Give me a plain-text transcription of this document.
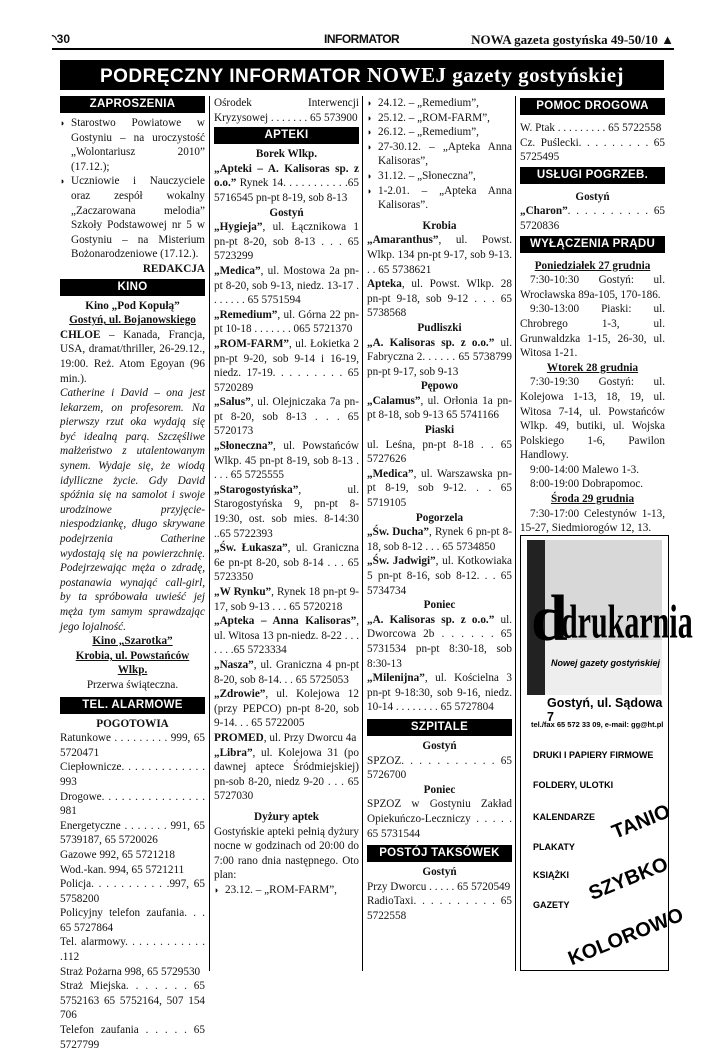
◝30	INFORMATOR	NOWA gazeta gostyńska 49-50/10 ▲
PODRĘCZNY INFORMATOR NOWEJ gazety gostyńskiej
ZAPROSZENIA

◗ Starostwo Powiatowe w Gostyniu – na uroczystość „Wolontariusz 2010” (17.12.);

◗ Uczniowie i Nauczyciele oraz zespół wokalny „Zaczarowana melodia” Szkoły Podstawowej nr 5 w Gostyniu – na Misterium Bożonarodzeniowe (17.12.).

REDAKCJA

KINO

Kino „Pod Kopułą”

Gostyń, ul. Bojanowskiego

CHLOE – Kanada, Francja, USA, dramat/thriller, 26-29.12., 19:00. Reż. Atom Egoyan (96 min.).

Catherine i David – ona jest lekarzem, on profesorem. Na pierwszy rzut oka wydają się być idealną parą. Szczęśliwe małżeństwo z utalentowanym synem. Wydaje się, że wiodą idylliczne życie. Gdy David spóźnia się na samolot i swoje urodzinowe przyjęcie-niespodziankę, długo skrywane podejrzenia Catherine wydostają się na powierzchnię. Podejrzewając męża o zdradę, postanawia wynająć call-girl, by ta spróbowała uwieść jej męża tym samym sprawdzając jego lojalność.

Kino „Szarotka”

Krobia, ul. Powstańców Wlkp.

Przerwa świąteczna.

TEL. ALARMOWE

POGOTOWIA

Ratunkowe . . . . . . . . . 999, 65 5720471

Ciepłownicze. . . . . . . . . . . . . 993

Drogowe. . . . . . . . . . . . . . . . 981

Energetyczne . . . . . . . 991, 65 5739187, 65 5720026

Gazowe 992, 65 5721218

Wod.-kan. 994, 65 5721211

Policja. . . . . . . . . . .997, 65 5758200

Policyjny telefon zaufania. . . 65 5727864

Tel. alarmowy. . . . . . . . . . . . .112

Straż Pożarna 998, 65 5729530

Straż Miejska. . . . . . . 65 5752163 65 5752164, 507 154 706

Telefon zaufania . . . . . 65 5727799

Ośrodek Interwencji Kryzysowej . . . . . . . 65 573900

APTEKI

Borek Wlkp.

„Apteki – A. Kalisoras sp. z o.o.” Rynek 14. . . . . . . . . . .65 5716545 pn-pt 8-19, sob 8-13

Gostyń

„Hygieja”, ul. Łącznikowa 1 pn-pt 8-20, sob 8-13 . . . 65 5723299

„Medica”, ul. Mostowa 2a pn-pt 8-20, sob 9-13, niedz. 13-17 . . . . . . . 65 5751594

„Remedium”, ul. Górna 22 pn-pt 10-18 . . . . . . . 065 5721370

„ROM-FARM”, ul. Łokietka 2 pn-pt 9-20, sob 9-14 i 16-19, niedz. 17-19. . . . . . . . . 65 5720289

„Salus”, ul. Olejniczaka 7a pn-pt 8-20, sob 8-13 . . . 65 5720173

„Słoneczna”, ul. Powstańców Wlkp. 45 pn-pt 8-19, sob 8-13 . . . . 65 5725555

„Starogostyńska”, ul. Starogostyńska 9, pn-pt 8-19:30, ost. sob mies. 8-14:30 ..65 5722393

„Św. Łukasza”, ul. Graniczna 6e pn-pt 8-20, sob 8-14 . . . 65 5723350

„W Rynku”, Rynek 18 pn-pt 9-17, sob 9-13 . . . 65 5720218

„Apteka – Anna Kalisoras”, ul. Witosa 13 pn-niedz. 8-22 . . . . . . .65 5723334

„Nasza”, ul. Graniczna 4 pn-pt 8-20, sob 8-14. . . 65 5725053

„Zdrowie”, ul. Kolejowa 12 (przy PEPCO) pn-pt 8-20, sob 9-14. . . 65 5722005

PROMED, ul. Przy Dworcu 4a

„Libra”, ul. Kolejowa 31 (po dawnej aptece Śródmiejskiej) pn-sob 8-20, niedz 9-20 . . . 65 5727030

Dyżury aptek

Gostyńskie apteki pełnią dyżury nocne w godzinach od 20:00 do 7:00 rano dnia następnego. Oto plan:

◗ 23.12. – „ROM-FARM”,

◗ 24.12. – „Remedium”,

◗ 25.12. – „ROM-FARM”,

◗ 26.12. – „Remedium”,

◗ 27-30.12. – „Apteka Anna Kalisoras”,

◗ 31.12. – „Słoneczna”,

◗ 1-2.01. – „Apteka Anna Kalisoras”.

Krobia

„Amaranthus”, ul. Powst. Wlkp. 134 pn-pt 9-17, sob 9-13. . . 65 5738621

Apteka, ul. Powst. Wlkp. 28 pn-pt 9-18, sob 9-12 . . . 65 5738568

Pudliszki

„A. Kalisoras sp. z o.o.” ul. Fabryczna 2. . . . . . 65 5738799 pn-pt 9-17, sob 9-13

Pępowo

„Calamus”, ul. Orłonia 1a pn-pt 8-18, sob 9-13 65 5741166

Piaski

ul. Leśna, pn-pt 8-18 . . 65 5727626

„Medica”, ul. Warszawska pn-pt 8-19, sob 9-12. . . 65 5719105

Pogorzela

„Św. Ducha”, Rynek 6 pn-pt 8-18, sob 8-12 . . . 65 5734850

„Św. Jadwigi”, ul. Kotkowiaka 5 pn-pt 8-16, sob 8-12. . . 65 5734734

Poniec

„A. Kalisoras sp. z o.o.” ul. Dworcowa 2b . . . . . . 65 5731534 pn-pt 8:30-18, sob 8:30-13

„Milenijna”, ul. Kościelna 3 pn-pt 9-18:30, sob 9-16, niedz. 10-14 . . . . . . . . 65 5727804

SZPITALE

Gostyń

SPZOZ. . . . . . . . . . . 65 5726700

Poniec

SPZOZ w Gostyniu Zakład Opiekuńczo-Leczniczy . . . . . 65 5731544

POSTÓJ TAKSÓWEK

Gostyń

Przy Dworcu . . . . . 65 5720549

RadioTaxi. . . . . . . . . . 65 5722558

POMOC DROGOWA

W. Ptak . . . . . . . . . 65 5722558

Cz. Puślecki. . . . . . . . . 65 5725495

USŁUGI POGRZEB.

Gostyń

„Charon”. . . . . . . . . . 65 5720836

WYŁĄCZENIA PRĄDU

Poniedziałek 27 grudnia

7:30-10:30 Gostyń: ul. Wrocławska 89a-105, 170-186.

9:30-13:00 Piaski: ul. Chrobrego 1-3, ul. Grunwaldzka 1-15, 26-30, ul. Witosa 1-21.

Wtorek 28 grudnia

7:30-19:30 Gostyń: ul. Kolejowa 1-13, 18, 19, ul. Witosa 7-14, ul. Powstańców Wlkp. 49, butiki, ul. Wojska Polskiego 1-6, Pawilon Handlowy.

9:00-14:00 Malewo 1-3.

8:00-19:00 Dobrapomoc.

Środa 29 grudnia

7:30-17:00 Celestynów 1-13, 15-27, Siedmiorogów 12, 13.

d
drukarnia
Nowej gazety gostyńskiej
Gostyń, ul. Sądowa 7
tel./fax 65 572 33 09, e-mail: gg@ht.pl
DRUKI I PAPIERY FIRMOWE
FOLDERY, ULOTKI
KALENDARZE
PLAKATY
KSIĄŻKI
GAZETY
TANIO
SZYBKO
KOLOROWO
